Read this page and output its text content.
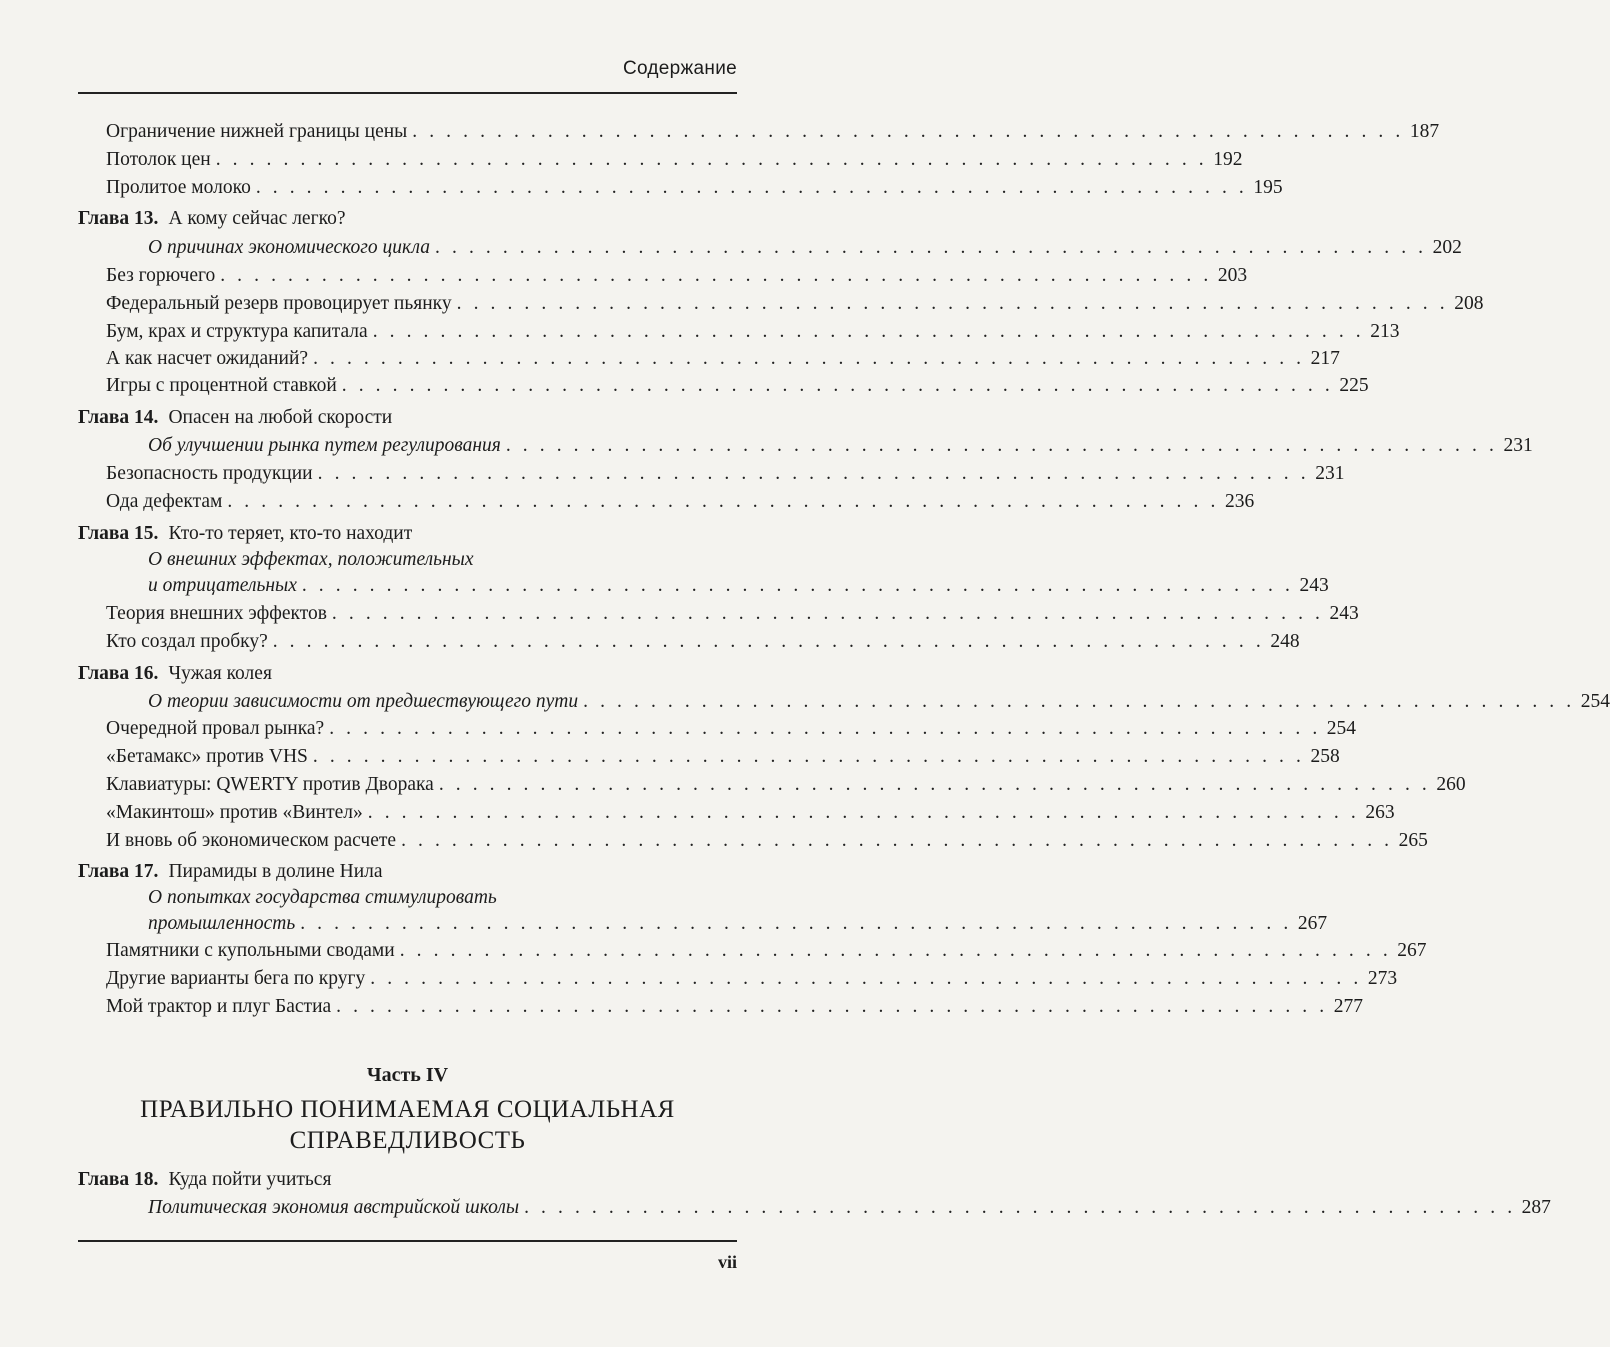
Содержание
Ограничение нижней границы цены . . . . . . . . . . . . . . . . . . . . . . . . . . . . . . . . . . . . . . . . . . . . . . . . . . . . . . . . . . . 187
Потолок цен . . . . . . . . . . . . . . . . . . . . . . . . . . . . . . . . . . . . . . . . . . . . . . . . . . . . . . . . . . . 192
Пролитое молоко . . . . . . . . . . . . . . . . . . . . . . . . . . . . . . . . . . . . . . . . . . . . . . . . . . . . . . . . . . . 195
Глава 13. А кому сейчас легко?
О причинах экономического цикла . . . . . . . . . . . . . . . . . . . . . . . . . . . . . . . . . . . . . . . . . . . . . . . . . . . . . . . . . . . 202
Без горючего . . . . . . . . . . . . . . . . . . . . . . . . . . . . . . . . . . . . . . . . . . . . . . . . . . . . . . . . . . . 203
Федеральный резерв провоцирует пьянку . . . . . . . . . . . . . . . . . . . . . . . . . . . . . . . . . . . . . . . . . . . . . . . . . . . . . . . . . . . 208
Бум, крах и структура капитала . . . . . . . . . . . . . . . . . . . . . . . . . . . . . . . . . . . . . . . . . . . . . . . . . . . . . . . . . . . 213
А как насчет ожиданий? . . . . . . . . . . . . . . . . . . . . . . . . . . . . . . . . . . . . . . . . . . . . . . . . . . . . . . . . . . . 217
Игры с процентной ставкой . . . . . . . . . . . . . . . . . . . . . . . . . . . . . . . . . . . . . . . . . . . . . . . . . . . . . . . . . . . 225
Глава 14. Опасен на любой скорости
Об улучшении рынка путем регулирования . . . . . . . . . . . . . . . . . . . . . . . . . . . . . . . . . . . . . . . . . . . . . . . . . . . . . . . . . . . 231
Безопасность продукции . . . . . . . . . . . . . . . . . . . . . . . . . . . . . . . . . . . . . . . . . . . . . . . . . . . . . . . . . . . 231
Ода дефектам . . . . . . . . . . . . . . . . . . . . . . . . . . . . . . . . . . . . . . . . . . . . . . . . . . . . . . . . . . . 236
Глава 15. Кто-то теряет, кто-то находит
О внешних эффектах, положительных
и отрицательных . . . . . . . . . . . . . . . . . . . . . . . . . . . . . . . . . . . . . . . . . . . . . . . . . . . . . . . . . . . 243
Теория внешних эффектов . . . . . . . . . . . . . . . . . . . . . . . . . . . . . . . . . . . . . . . . . . . . . . . . . . . . . . . . . . . 243
Кто создал пробку? . . . . . . . . . . . . . . . . . . . . . . . . . . . . . . . . . . . . . . . . . . . . . . . . . . . . . . . . . . . 248
Глава 16. Чужая колея
О теории зависимости от предшествующего пути . . . . . . . . . . . . . . . . . . . . . . . . . . . . . . . . . . . . . . . . . . . . . . . . . . . . . . . . . . . 254
Очередной провал рынка? . . . . . . . . . . . . . . . . . . . . . . . . . . . . . . . . . . . . . . . . . . . . . . . . . . . . . . . . . . . 254
«Бетамакс» против VHS . . . . . . . . . . . . . . . . . . . . . . . . . . . . . . . . . . . . . . . . . . . . . . . . . . . . . . . . . . . 258
Клавиатуры: QWERTY против Дворака . . . . . . . . . . . . . . . . . . . . . . . . . . . . . . . . . . . . . . . . . . . . . . . . . . . . . . . . . . . 260
«Макинтош» против «Винтел» . . . . . . . . . . . . . . . . . . . . . . . . . . . . . . . . . . . . . . . . . . . . . . . . . . . . . . . . . . . 263
И вновь об экономическом расчете . . . . . . . . . . . . . . . . . . . . . . . . . . . . . . . . . . . . . . . . . . . . . . . . . . . . . . . . . . . 265
Глава 17. Пирамиды в долине Нила
О попытках государства стимулировать
промышленность . . . . . . . . . . . . . . . . . . . . . . . . . . . . . . . . . . . . . . . . . . . . . . . . . . . . . . . . . . . 267
Памятники с купольными сводами . . . . . . . . . . . . . . . . . . . . . . . . . . . . . . . . . . . . . . . . . . . . . . . . . . . . . . . . . . . 267
Другие варианты бега по кругу . . . . . . . . . . . . . . . . . . . . . . . . . . . . . . . . . . . . . . . . . . . . . . . . . . . . . . . . . . . 273
Мой трактор и плуг Бастиа . . . . . . . . . . . . . . . . . . . . . . . . . . . . . . . . . . . . . . . . . . . . . . . . . . . . . . . . . . . 277
Часть IV
ПРАВИЛЬНО ПОНИМАЕМАЯ СОЦИАЛЬНАЯ
СПРАВЕДЛИВОСТЬ
Глава 18. Куда пойти учиться
Политическая экономия австрийской школы . . . . . . . . . . . . . . . . . . . . . . . . . . . . . . . . . . . . . . . . . . . . . . . . . . . . . . . . . . . 287
vii
